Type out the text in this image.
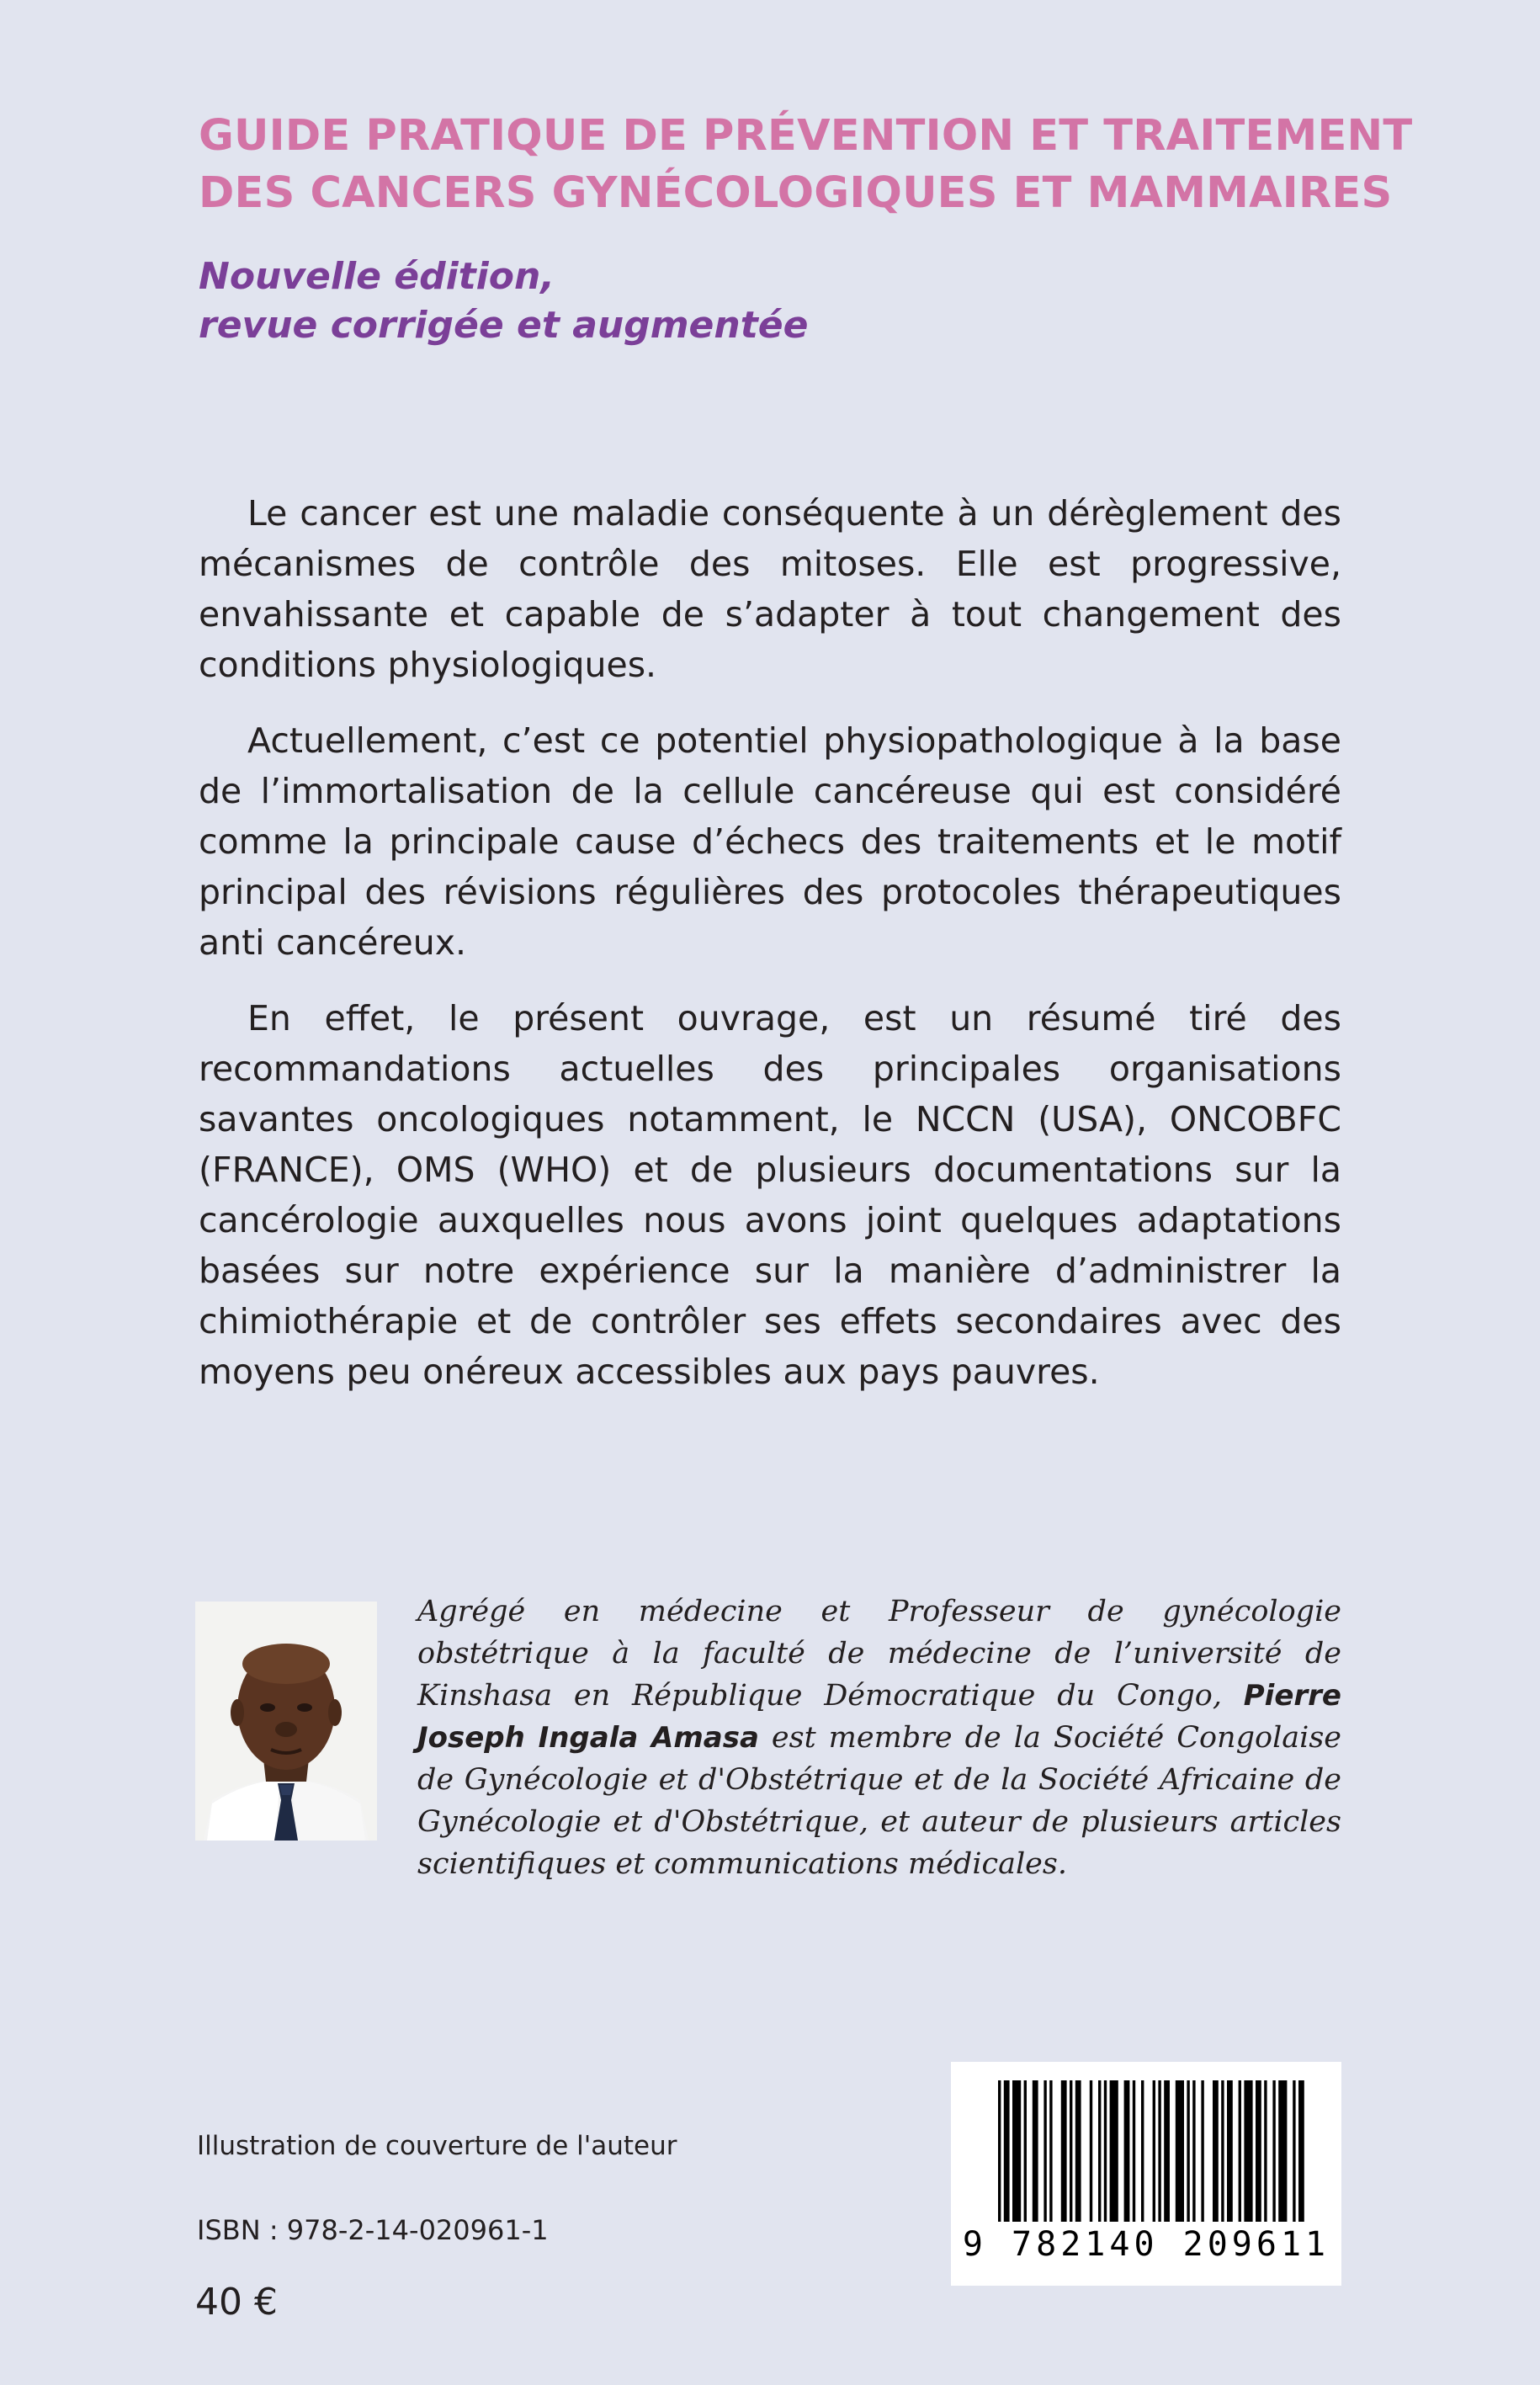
GUIDE PRATIQUE DE PRÉVENTION ET TRAITEMENT
DES CANCERS GYNÉCOLOGIQUES ET MAMMAIRES
Nouvelle édition,
revue corrigée et augmentée

Le cancer est une maladie conséquente à un dérèglement des mécanismes de contrôle des mitoses. Elle est progressive, envahissante et capable de s’adapter à tout changement des conditions physiologiques.

Actuellement, c’est ce potentiel physiopathologique à la base de l’immortalisation de la cellule cancéreuse qui est considéré comme la principale cause d’échecs des traitements et le motif principal des révisions régulières des protocoles thérapeutiques anti cancéreux.

En effet, le présent ouvrage, est un résumé tiré des recommandations actuelles des principales organisations savantes oncologiques notamment, le NCCN (USA), ONCOBFC (FRANCE), OMS (WHO) et de plusieurs documentations sur la cancérologie auxquelles nous avons joint quelques adaptations basées sur notre expérience sur la manière d’administrer la chimiothérapie et de contrôler ses effets secondaires avec des moyens peu onéreux accessibles aux pays pauvres.

Agrégé en médecine et Professeur de gynécologie obstétrique à la faculté de médecine de l’université de Kinshasa en République Démocratique du Congo, Pierre Joseph Ingala Amasa est membre de la Société Congolaise de Gynécologie et d'Obstétrique et de la Société Africaine de Gynécologie et d'Obstétrique, et auteur de plusieurs articles scientifiques et communications médicales.
Illustration de couverture de l'auteur
ISBN : 978-2-14-020961-1
40 €
9 782140 209611
